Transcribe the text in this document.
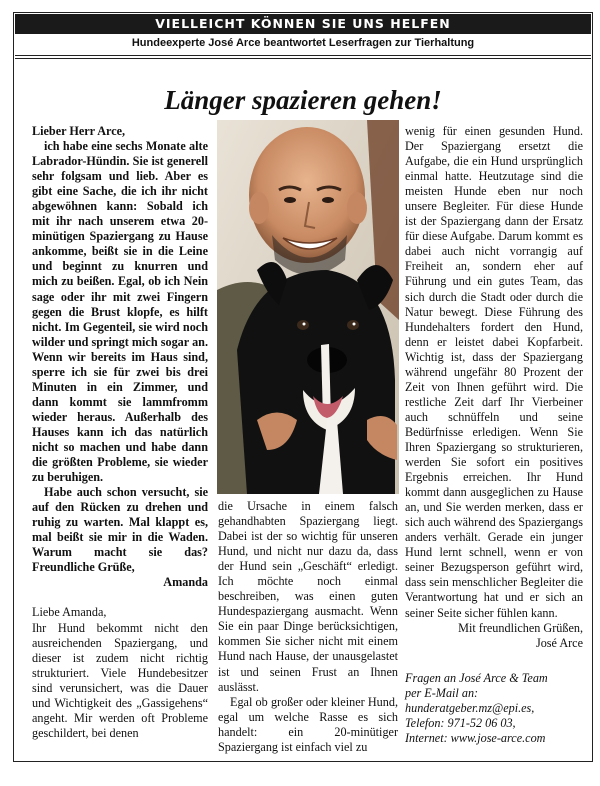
VIELLEICHT KÖNNEN SIE UNS HELFEN
Hundeexperte José Arce beantwortet Leserfragen zur Tierhaltung
Länger spazieren gehen!

Lieber Herr Arce,

ich habe eine sechs Monate alte Labrador-Hündin. Sie ist generell sehr folgsam und lieb. Aber es gibt eine Sache, die ich ihr nicht abgewöhnen kann: Sobald ich mit ihr nach unserem etwa 20-minütigen Spaziergang zu Hause ankomme, beißt sie in die Leine und beginnt zu knurren und mich zu beißen. Egal, ob ich Nein sage oder ihr mit zwei Fingern gegen die Brust klopfe, es hilft nicht. Im Gegenteil, sie wird noch wilder und springt mich sogar an. Wenn wir bereits im Haus sind, sperre ich sie für zwei bis drei Minuten in ein Zimmer, und dann kommt sie lammfromm wieder heraus. Außerhalb des Hauses kann ich das natürlich nicht so machen und habe dann die größten Probleme, sie wieder zu beruhigen.

Habe auch schon versucht, sie auf den Rücken zu drehen und ruhig zu warten. Mal klappt es, mal beißt sie mir in die Waden. Warum macht sie das? Freundliche Grüße,

Amanda

Liebe Amanda,

Ihr Hund bekommt nicht den ausreichenden Spaziergang, und dieser ist zudem nicht richtig strukturiert. Viele Hundebesitzer sind verunsichert, was die Dauer und Wichtigkeit des „Gassigehens“ angeht. Mir werden oft Probleme geschildert, bei denen

die Ursache in einem falsch gehandhabten Spaziergang liegt. Dabei ist der so wichtig für unseren Hund, und nicht nur dazu da, dass der Hund sein „Geschäft“ erledigt. Ich möchte noch einmal beschreiben, was einen guten Hundespaziergang ausmacht. Wenn Sie ein paar Dinge berücksichtigen, kommen Sie sicher nicht mit einem Hund nach Hause, der unausgelastet ist und seinen Frust an Ihnen auslässt.

Egal ob großer oder kleiner Hund, egal um welche Rasse es sich handelt: ein 20-minütiger Spaziergang ist einfach viel zu

wenig für einen gesunden Hund. Der Spaziergang ersetzt die Aufgabe, die ein Hund ursprünglich einmal hatte. Heutzutage sind die meisten Hunde eben nur noch unsere Begleiter. Für diese Hunde ist der Spaziergang dann der Ersatz für diese Aufgabe. Darum kommt es dabei auch nicht vorrangig auf Freiheit an, sondern eher auf Führung und ein gutes Team, das sich durch die Stadt oder durch die Natur bewegt. Diese Führung des Hundehalters fordert den Hund, denn er leistet dabei Kopfarbeit. Wichtig ist, dass der Spaziergang während ungefähr 80 Prozent der Zeit von Ihnen geführt wird. Die restliche Zeit darf Ihr Vierbeiner auch schnüffeln und seine Bedürfnisse erledigen. Wenn Sie Ihren Spaziergang so strukturieren, werden Sie sofort ein positives Ergebnis erreichen. Ihr Hund kommt dann ausgeglichen zu Hause an, und Sie werden merken, dass er sich auch während des Spaziergangs anders verhält. Gerade ein junger Hund lernt schnell, wenn er von seiner Bezugsperson geführt wird, dass sein menschlicher Begleiter die Verantwortung hat und er sich an seiner Seite sicher fühlen kann.

Mit freundlichen Grüßen,

José Arce

Fragen an José Arce & Team

per E-Mail an:

hunderatgeber.mz@epi.es,

Telefon: 971-52 06 03,

Internet: www.jose-arce.com
